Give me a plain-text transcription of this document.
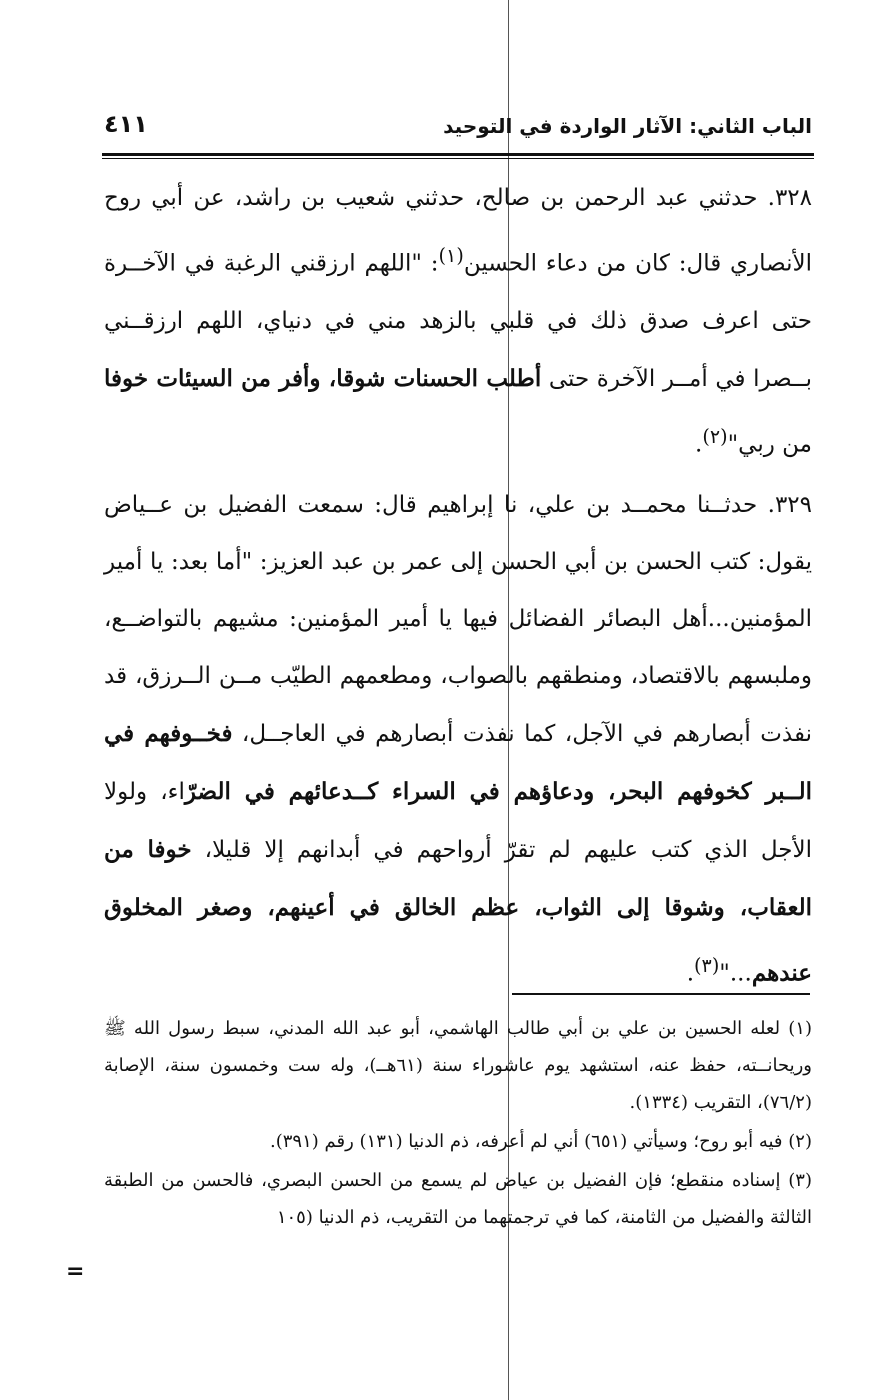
الباب الثاني: الآثار الواردة في التوحيد
٤١١

٣٢٨. حدثني عبد الرحمن بن صالح، حدثني شعيب بن راشد، عن أبي روح الأنصاري قال: كان من دعاء الحسين$^{(١)}$: "اللهم ارزقني الرغبة في الآخــرة حتى اعرف صدق ذلك في قلبي بالزهد مني في دنياي، اللهم ارزقــني بــصرا في أمــر الآخرة حتى أطلب الحسنات شوقا، وأفر من السيئات خوفا من ربي"$^{(٢)}$.

٣٢٩. حدثــنا محمــد بن علي، نا إبراهيم قال: سمعت الفضيل بن عــياض يقول: كتب الحسن بن أبي الحسن إلى عمر بن عبد العزيز: "أما بعد: يا أمير المؤمنين...أهل البصائر الفضائل فيها يا أمير المؤمنين: مشيهم بالتواضــع، وملبسهم بالاقتصاد، ومنطقهم بالصواب، ومطعمهم الطيّب مــن الــرزق، قد نفذت أبصارهم في الآجل، كما نفذت أبصارهم في العاجــل، فخــوفهم في الــبر كخوفهم البحر، ودعاؤهم في السراء كــدعائهم في الضرّاء، ولولا الأجل الذي كتب عليهم لم تقرّ أرواحهم في أبدانهم إلا قليلا، خوفا من العقاب، وشوقا إلى الثواب، عظم الخالق في أعينهم، وصغر المخلوق عندهم..."$^{(٣)}$.

(١) لعله الحسين بن علي بن أبي طالب الهاشمي، أبو عبد الله المدني، سبط رسول الله ﷺ وريحانــته، حفظ عنه، استشهد يوم عاشوراء سنة (٦١هــ)، وله ست وخمسون سنة، الإصابة (٧٦/٢)، التقريب (١٣٣٤).

(٢) فيه أبو روح؛ وسيأتي (٦٥١) أني لم أعرفه، ذم الدنيا (١٣١) رقم (٣٩١).

(٣) إسناده منقطع؛ فإن الفضيل بن عياض لم يسمع من الحسن البصري، فالحسن من الطبقة الثالثة والفضيل من الثامنة، كما في ترجمتهما من التقريب، ذم الدنيا (١٠٥

=
